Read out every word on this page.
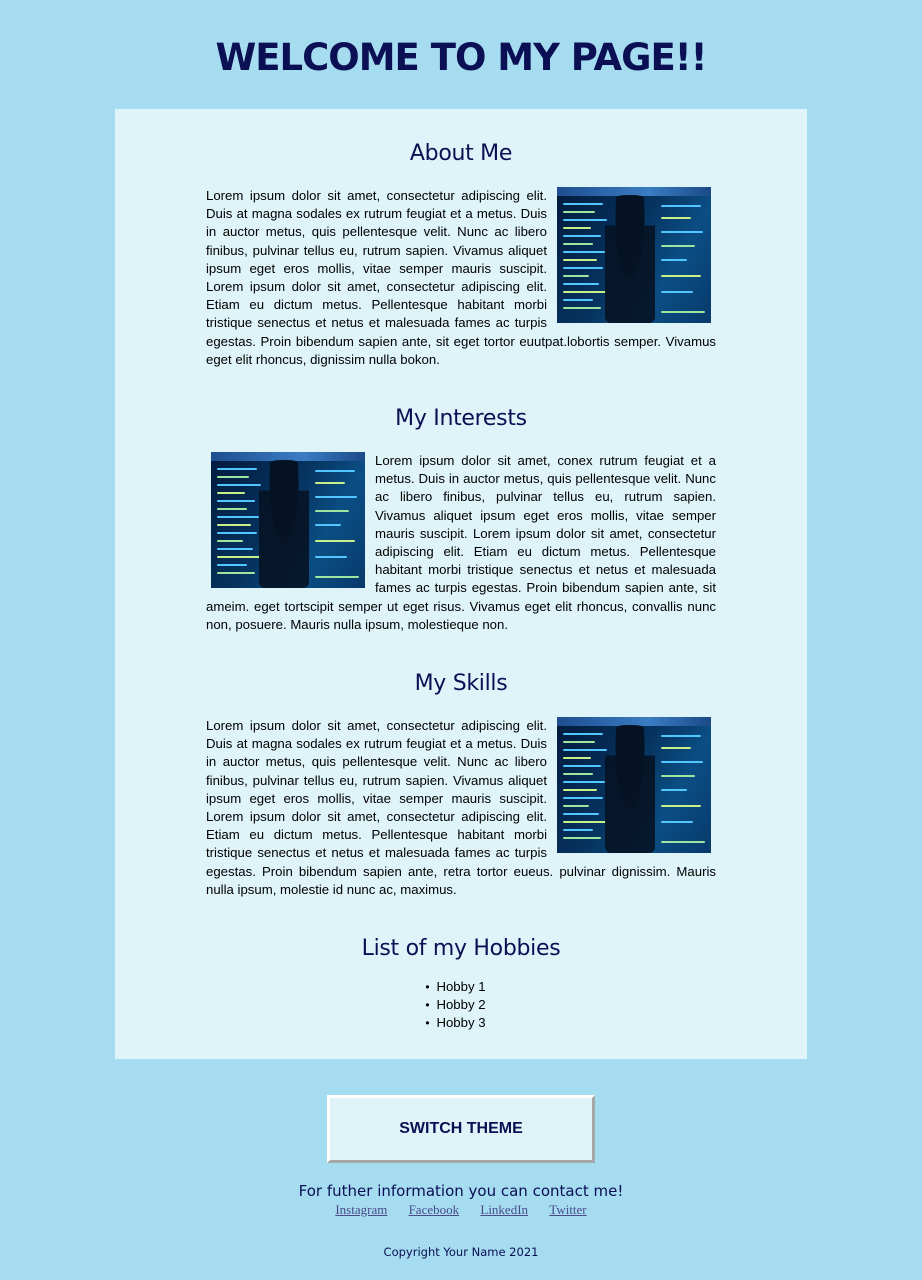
WELCOME TO MY PAGE!!
About Me

Lorem ipsum dolor sit amet, consectetur adipiscing elit. Duis at magna sodales ex rutrum feugiat et a metus. Duis in auctor metus, quis pellentesque velit. Nunc ac libero finibus, pulvinar tellus eu, rutrum sapien. Vivamus aliquet ipsum eget eros mollis, vitae semper mauris suscipit. Lorem ipsum dolor sit amet, consectetur adipiscing elit. Etiam eu dictum metus. Pellentesque habitant morbi tristique senectus et netus et malesuada fames ac turpis egestas. Proin bibendum sapien ante, sit eget tortor euutpat.lobortis semper. Vivamus eget elit rhoncus, dignissim nulla bokon.

My Interests

Lorem ipsum dolor sit amet, conex rutrum feugiat et a metus. Duis in auctor metus, quis pellentesque velit. Nunc ac libero finibus, pulvinar tellus eu, rutrum sapien. Vivamus aliquet ipsum eget eros mollis, vitae semper mauris suscipit. Lorem ipsum dolor sit amet, consectetur adipiscing elit. Etiam eu dictum metus. Pellentesque habitant morbi tristique senectus et netus et malesuada fames ac turpis egestas. Proin bibendum sapien ante, sit ameim. eget tortscipit semper ut eget risus. Vivamus eget elit rhoncus, convallis nunc non, posuere. Mauris nulla ipsum, molestieque non.

My Skills

Lorem ipsum dolor sit amet, consectetur adipiscing elit. Duis at magna sodales ex rutrum feugiat et a metus. Duis in auctor metus, quis pellentesque velit. Nunc ac libero finibus, pulvinar tellus eu, rutrum sapien. Vivamus aliquet ipsum eget eros mollis, vitae semper mauris suscipit. Lorem ipsum dolor sit amet, consectetur adipiscing elit. Etiam eu dictum metus. Pellentesque habitant morbi tristique senectus et netus et malesuada fames ac turpis egestas. Proin bibendum sapien ante, retra tortor eueus. pulvinar dignissim. Mauris nulla ipsum, molestie id nunc ac, maximus.

List of my Hobbies
• Hobby 1
• Hobby 2
• Hobby 3
SWITCH THEME
For futher information you can contact me!
Instagram Facebook LinkedIn Twitter
Copyright Your Name 2021
